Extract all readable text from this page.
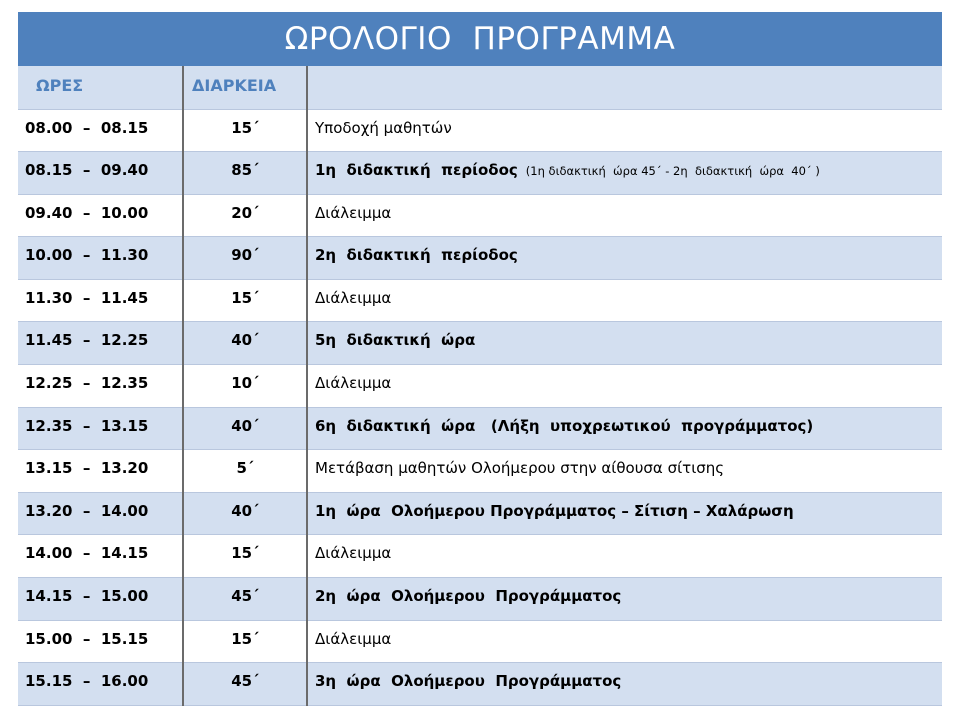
ΩΡΟΛΟΓΙΟ  ΠΡΟΓΡΑΜΜΑ
ΩΡΕΣ	ΔΙΑΡΚΕΙΑ	
08.00  –  08.15	15΄	Υποδοχή μαθητών
08.15  –  09.40	85΄	1η  διδακτική  περίοδος (1η διδακτική  ώρα 45΄ - 2η  διδακτική  ώρα  40΄ )
09.40  –  10.00	20΄	Διάλειμμα
10.00  –  11.30	90΄	2η  διδακτική  περίοδος
11.30  –  11.45	15΄	Διάλειμμα
11.45  –  12.25	40΄	5η  διδακτική  ώρα
12.25  –  12.35	10΄	Διάλειμμα
12.35  –  13.15	40΄	6η  διδακτική  ώρα   (Λήξη  υποχρεωτικού  προγράμματος)
13.15  –  13.20	5΄	Μετάβαση μαθητών Ολοήμερου στην αίθουσα σίτισης
13.20  –  14.00	40΄	1η  ώρα  Ολοήμερου Προγράμματος – Σίτιση – Χαλάρωση
14.00  –  14.15	15΄	Διάλειμμα
14.15  –  15.00	45΄	2η  ώρα  Ολοήμερου  Προγράμματος
15.00  –  15.15	15΄	Διάλειμμα
15.15  –  16.00	45΄	3η  ώρα  Ολοήμερου  Προγράμματος
